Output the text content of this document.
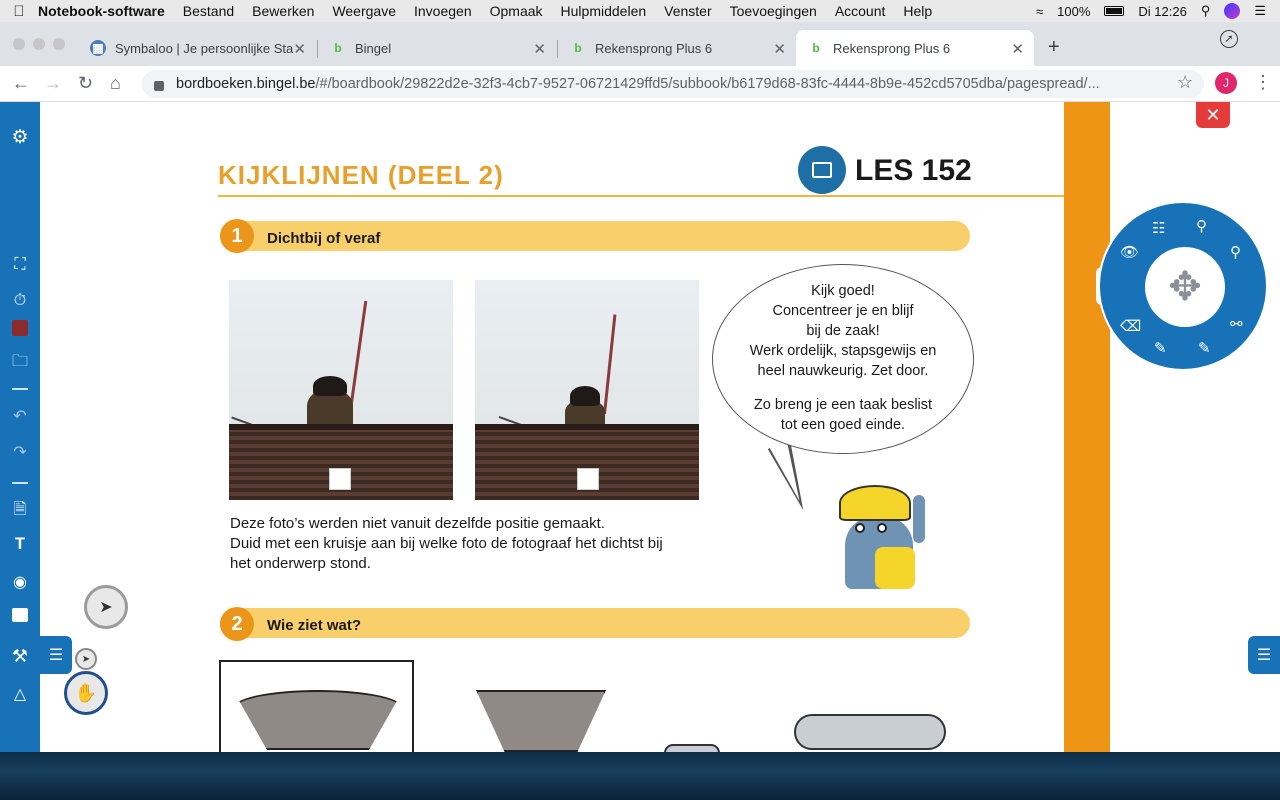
Notebook-software Bestand Bewerken Weergave Invoegen Opmaak Hulpmiddelen Venster Toevoegingen Account Help	≈ 100%	Di 12:26 ⚲	☰
▦ Symbaloo | Je persoonlijke Sta ✕	b	Bingel	✕	b	Rekensprong Plus 6	✕	b	Rekensprong Plus 6	✕ +	➚
← → ↻ ⌂	bordboeken.bingel.be /#/boardbook/29822d2e-32f3-4cb7-9527-06721429ffd5/subbook/b6179d68-83fc-4444-8b9e-452cd5705dba/pagespread/...	☆	J	⋮
⚙
⛶
⏱
🗀
↶
↷
🗎
T
◉
⚒
△
KIJKLIJNEN (DEEL 2)	LES 152
1	Dichtbij of veraf
Deze foto’s werden niet vanuit dezelfde positie gemaakt.
Duid met een kruisje aan bij welke foto de fotograaf het dichtst bij
het onderwerp stond.
Kijk goed!
Concentreer je en blijf
bij de zaak!
Werk ordelijk, stapsgewijs en
heel nauwkeurig. Zet door.
Zo breng je een taak beslist
tot een goed einde.
2	Wie ziet wat?
✕
☷ ⚲
⚲
👁
⌫
✎ ✎
⚯
✥
☰	☰
➤
➤
✋
